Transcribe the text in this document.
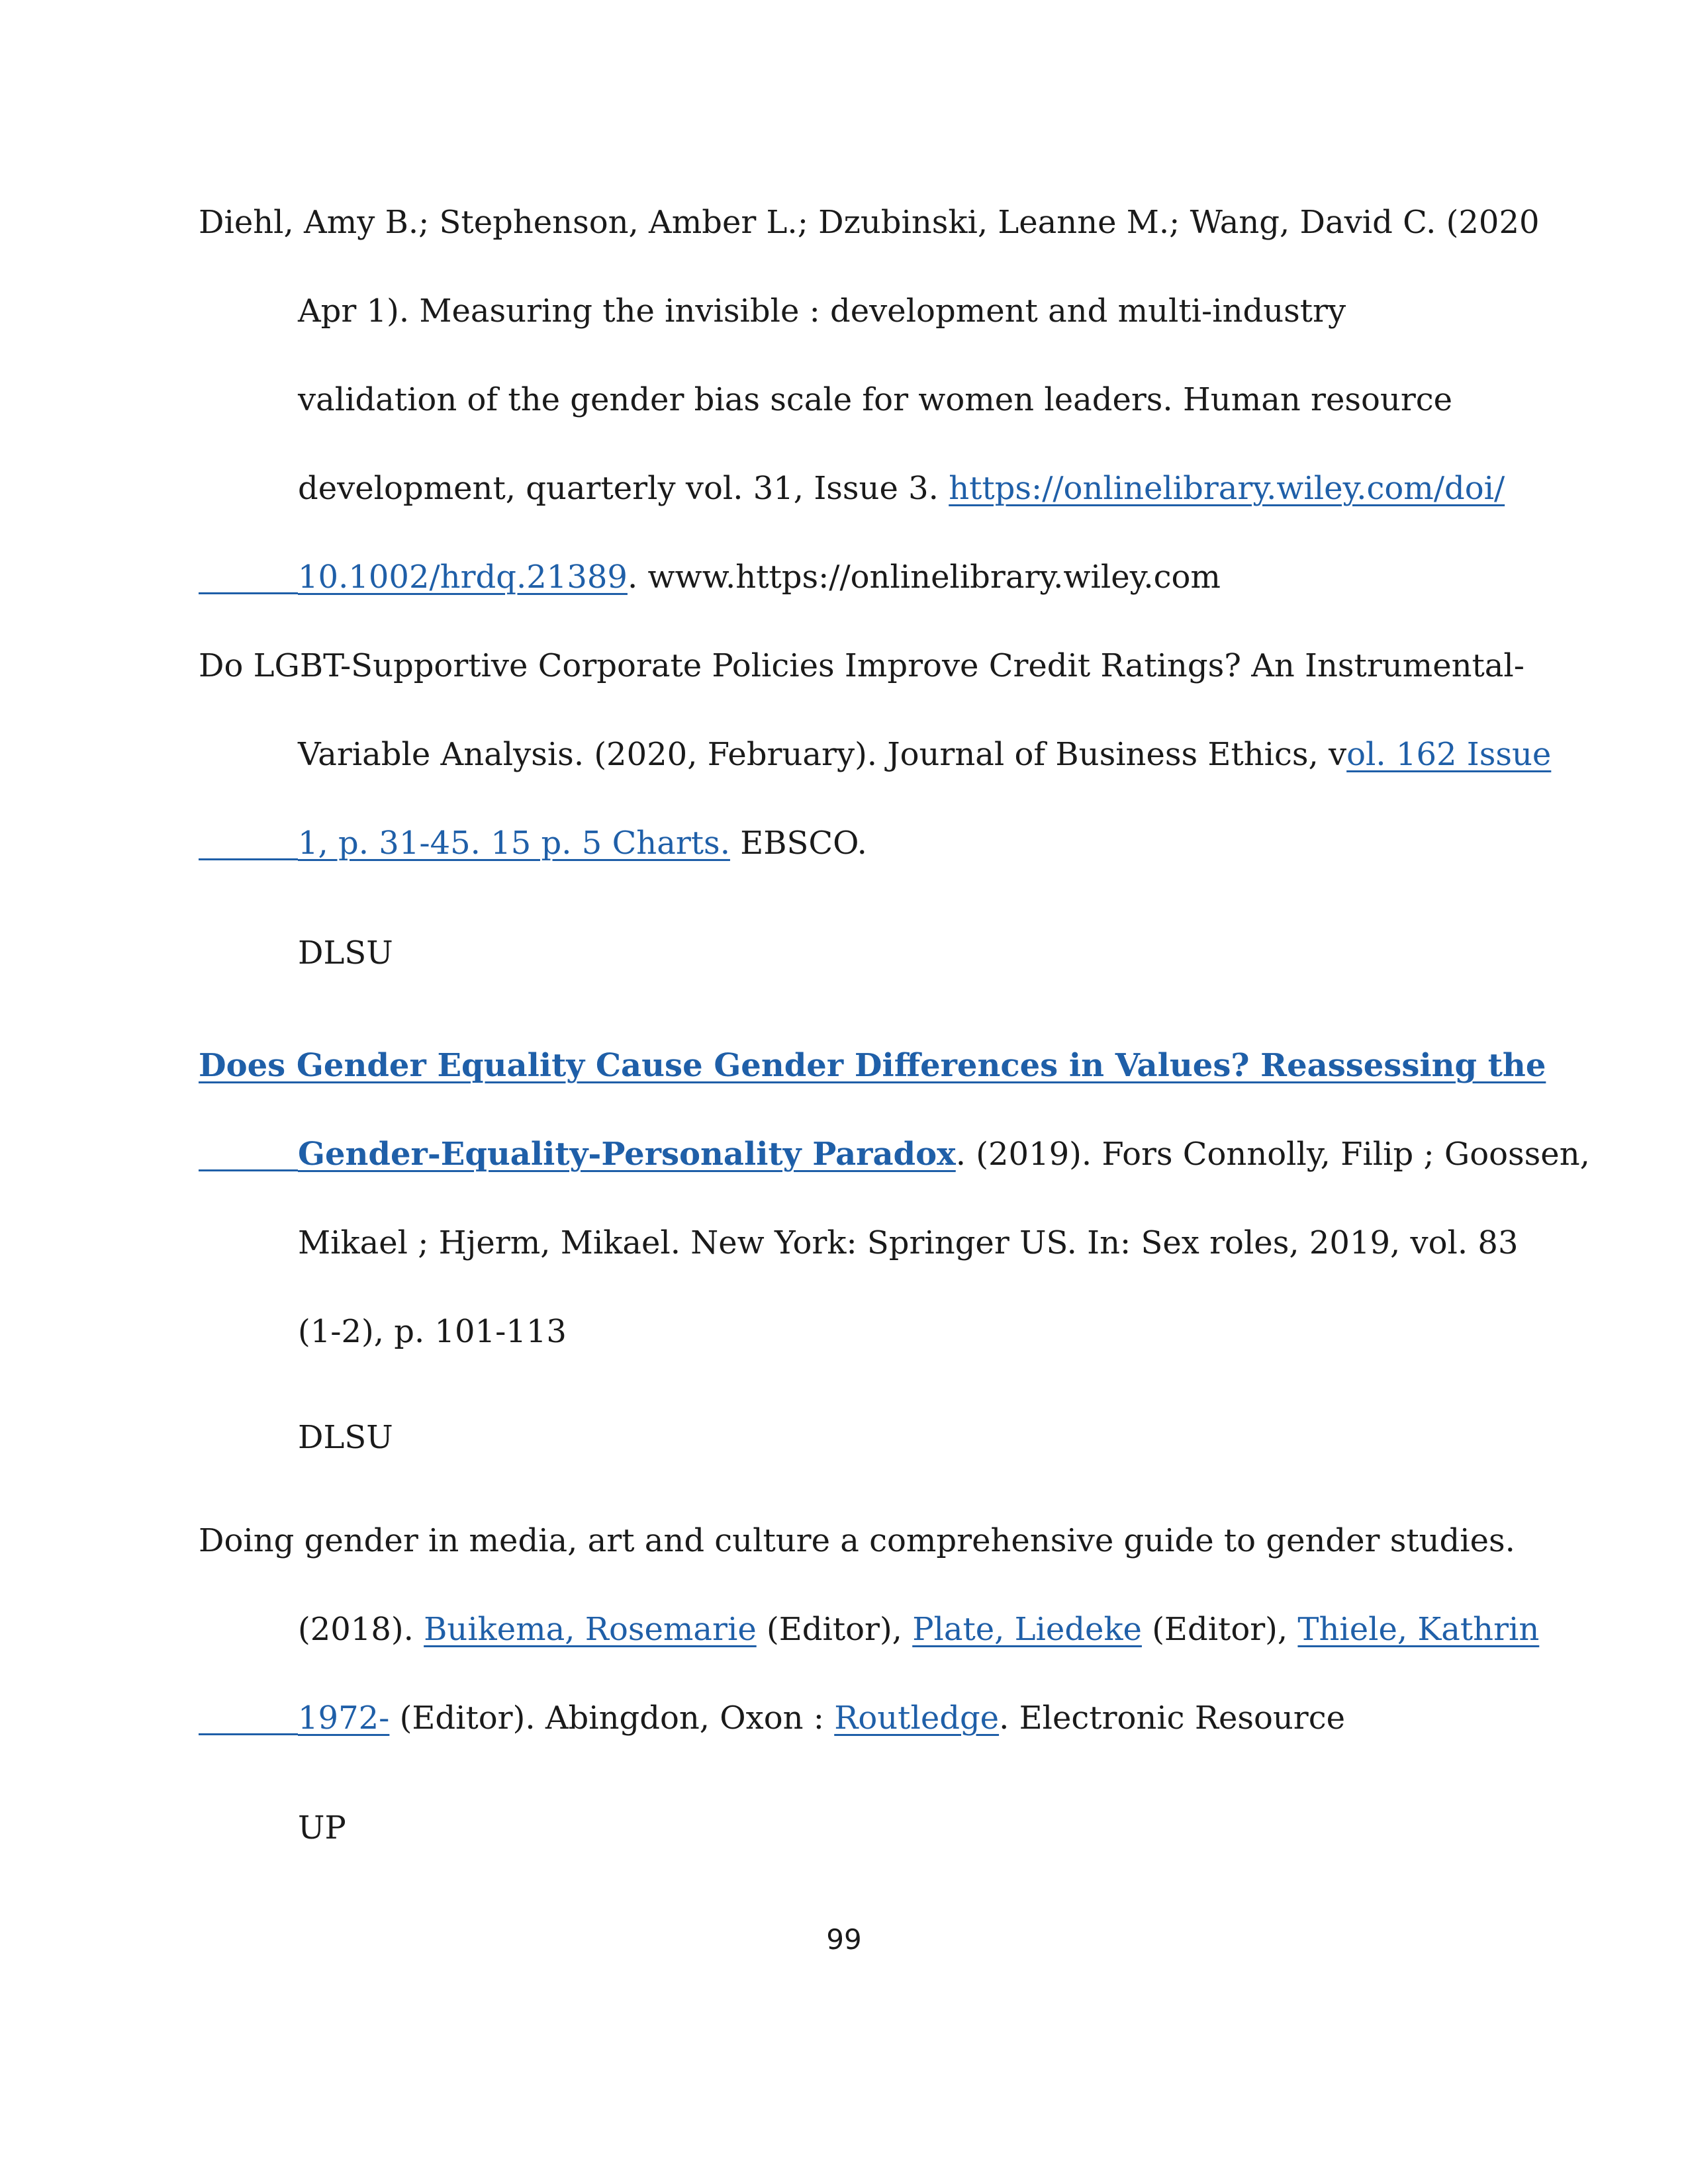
Diehl, Amy B.; Stephenson, Amber L.; Dzubinski, Leanne M.; Wang, David C. (2020
Apr 1). Measuring the invisible : development and multi-industry
validation of the gender bias scale for women leaders. Human resource
development, quarterly vol. 31, Issue 3. https://onlinelibrary.wiley.com/doi/
10.1002/hrdq.21389. www.https://onlinelibrary.wiley.com
Do LGBT-Supportive Corporate Policies Improve Credit Ratings? An Instrumental-
Variable Analysis. (2020, February). Journal of Business Ethics, vol. 162 Issue
1, p. 31-45. 15 p. 5 Charts. EBSCO.
DLSU
Does Gender Equality Cause Gender Differences in Values? Reassessing the
Gender-Equality-Personality Paradox. (2019). Fors Connolly, Filip ; Goossen,
Mikael ; Hjerm, Mikael. New York: Springer US. In: Sex roles, 2019, vol. 83
(1-2), p. 101-113
DLSU
Doing gender in media, art and culture a comprehensive guide to gender studies.
(2018). Buikema, Rosemarie (Editor), Plate, Liedeke (Editor), Thiele, Kathrin
1972- (Editor). Abingdon, Oxon : Routledge. Electronic Resource
UP
99
